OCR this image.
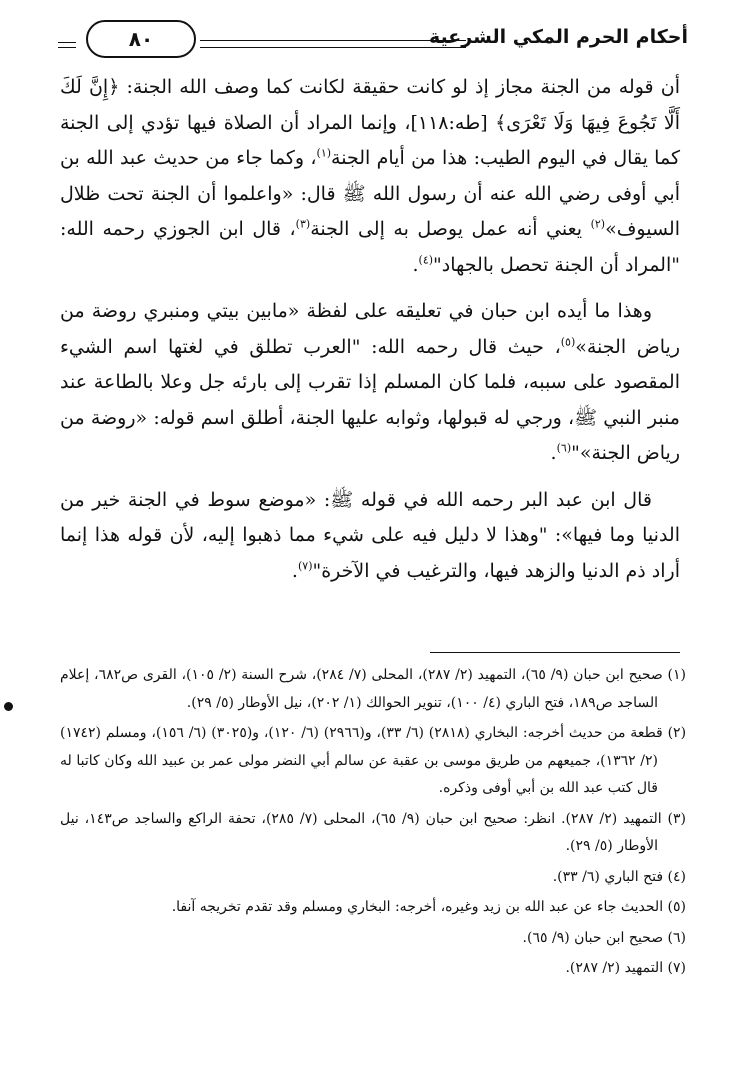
أحكام الحرم المكي الشرعية
٨٠

أن قوله من الجنة مجاز إذ لو كانت حقيقة لكانت كما وصف الله الجنة: ﴿إِنَّ لَكَ أَلَّا تَجُوعَ فِيهَا وَلَا تَعْرَى﴾ [طه:١١٨]، وإنما المراد أن الصلاة فيها تؤدي إلى الجنة كما يقال في اليوم الطيب: هذا من أيام الجنة$^{(١)}$، وكما جاء من حديث عبد الله بن أبي أوفى رضي الله عنه أن رسول الله ﷺ قال: «واعلموا أن الجنة تحت ظلال السيوف»$^{(٢)}$ يعني أنه عمل يوصل به إلى الجنة$^{(٣)}$، قال ابن الجوزي رحمه الله: "المراد أن الجنة تحصل بالجهاد"$^{(٤)}$.

وهذا ما أيده ابن حبان في تعليقه على لفظة «مابين بيتي ومنبري روضة من رياض الجنة»$^{(٥)}$، حيث قال رحمه الله: "العرب تطلق في لغتها اسم الشيء المقصود على سببه، فلما كان المسلم إذا تقرب إلى بارئه جل وعلا بالطاعة عند منبر النبي ﷺ، ورجي له قبولها، وثوابه عليها الجنة، أطلق اسم قوله: «روضة من رياض الجنة»"$^{(٦)}$.

قال ابن عبد البر رحمه الله في قوله ﷺ: «موضع سوط في الجنة خير من الدنيا وما فيها»: "وهذا لا دليل فيه على شيء مما ذهبوا إليه، لأن قوله هذا إنما أراد ذم الدنيا والزهد فيها، والترغيب في الآخرة"$^{(٧)}$.

(١) صحيح ابن حبان (٩/ ٦٥)، التمهيد (٢/ ٢٨٧)، المحلى (٧/ ٢٨٤)، شرح السنة (٢/ ١٠٥)، القرى ص٦٨٢، إعلام الساجد ص١٨٩، فتح الباري (٤/ ١٠٠)، تنوير الحوالك (١/ ٢٠٢)، نيل الأوطار (٥/ ٢٩).

(٢) قطعة من حديث أخرجه: البخاري (٢٨١٨) (٦/ ٣٣)، و(٢٩٦٦) (٦/ ١٢٠)، و(٣٠٢٥) (٦/ ١٥٦)، ومسلم (١٧٤٢) (٢/ ١٣٦٢)، جميعهم من طريق موسى بن عقبة عن سالم أبي النضر مولى عمر بن عبيد الله وكان كاتبا له قال كتب عبد الله بن أبي أوفى وذكره.

(٣) التمهيد (٢/ ٢٨٧). انظر: صحيح ابن حبان (٩/ ٦٥)، المحلى (٧/ ٢٨٥)، تحفة الراكع والساجد ص١٤٣، نيل الأوطار (٥/ ٢٩).

(٤) فتح الباري (٦/ ٣٣).

(٥) الحديث جاء عن عبد الله بن زيد وغيره، أخرجه: البخاري ومسلم وقد تقدم تخريجه آنفا.

(٦) صحيح ابن حبان (٩/ ٦٥).

(٧) التمهيد (٢/ ٢٨٧).
